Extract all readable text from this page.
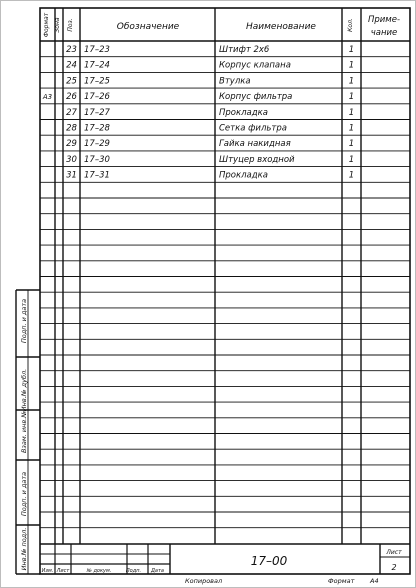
Формат Зона Поз.	Обозначение	Наименование	Кол. Приме-
чание
23 17–23	Штифт 2х6	1
24 17–24	Корпус клапана	1
25 17–25	Втулка	1
А3 26 17–26	Корпус фильтра	1
27 17–27	Прокладка	1
28 17–28	Сетка фильтра	1
29 17–29	Гайка накидная	1
30 17–30	Штуцер входной	1
31 17–31	Прокладка	1
Подп. и дата
Инв.№ дубл.
Взам. инв.№
Подп. и дата
Инв.№ подл.	17–00
Лист
2
Изм. Лист	№ докум.	Подп. Дата
Копировал	Формат А4
